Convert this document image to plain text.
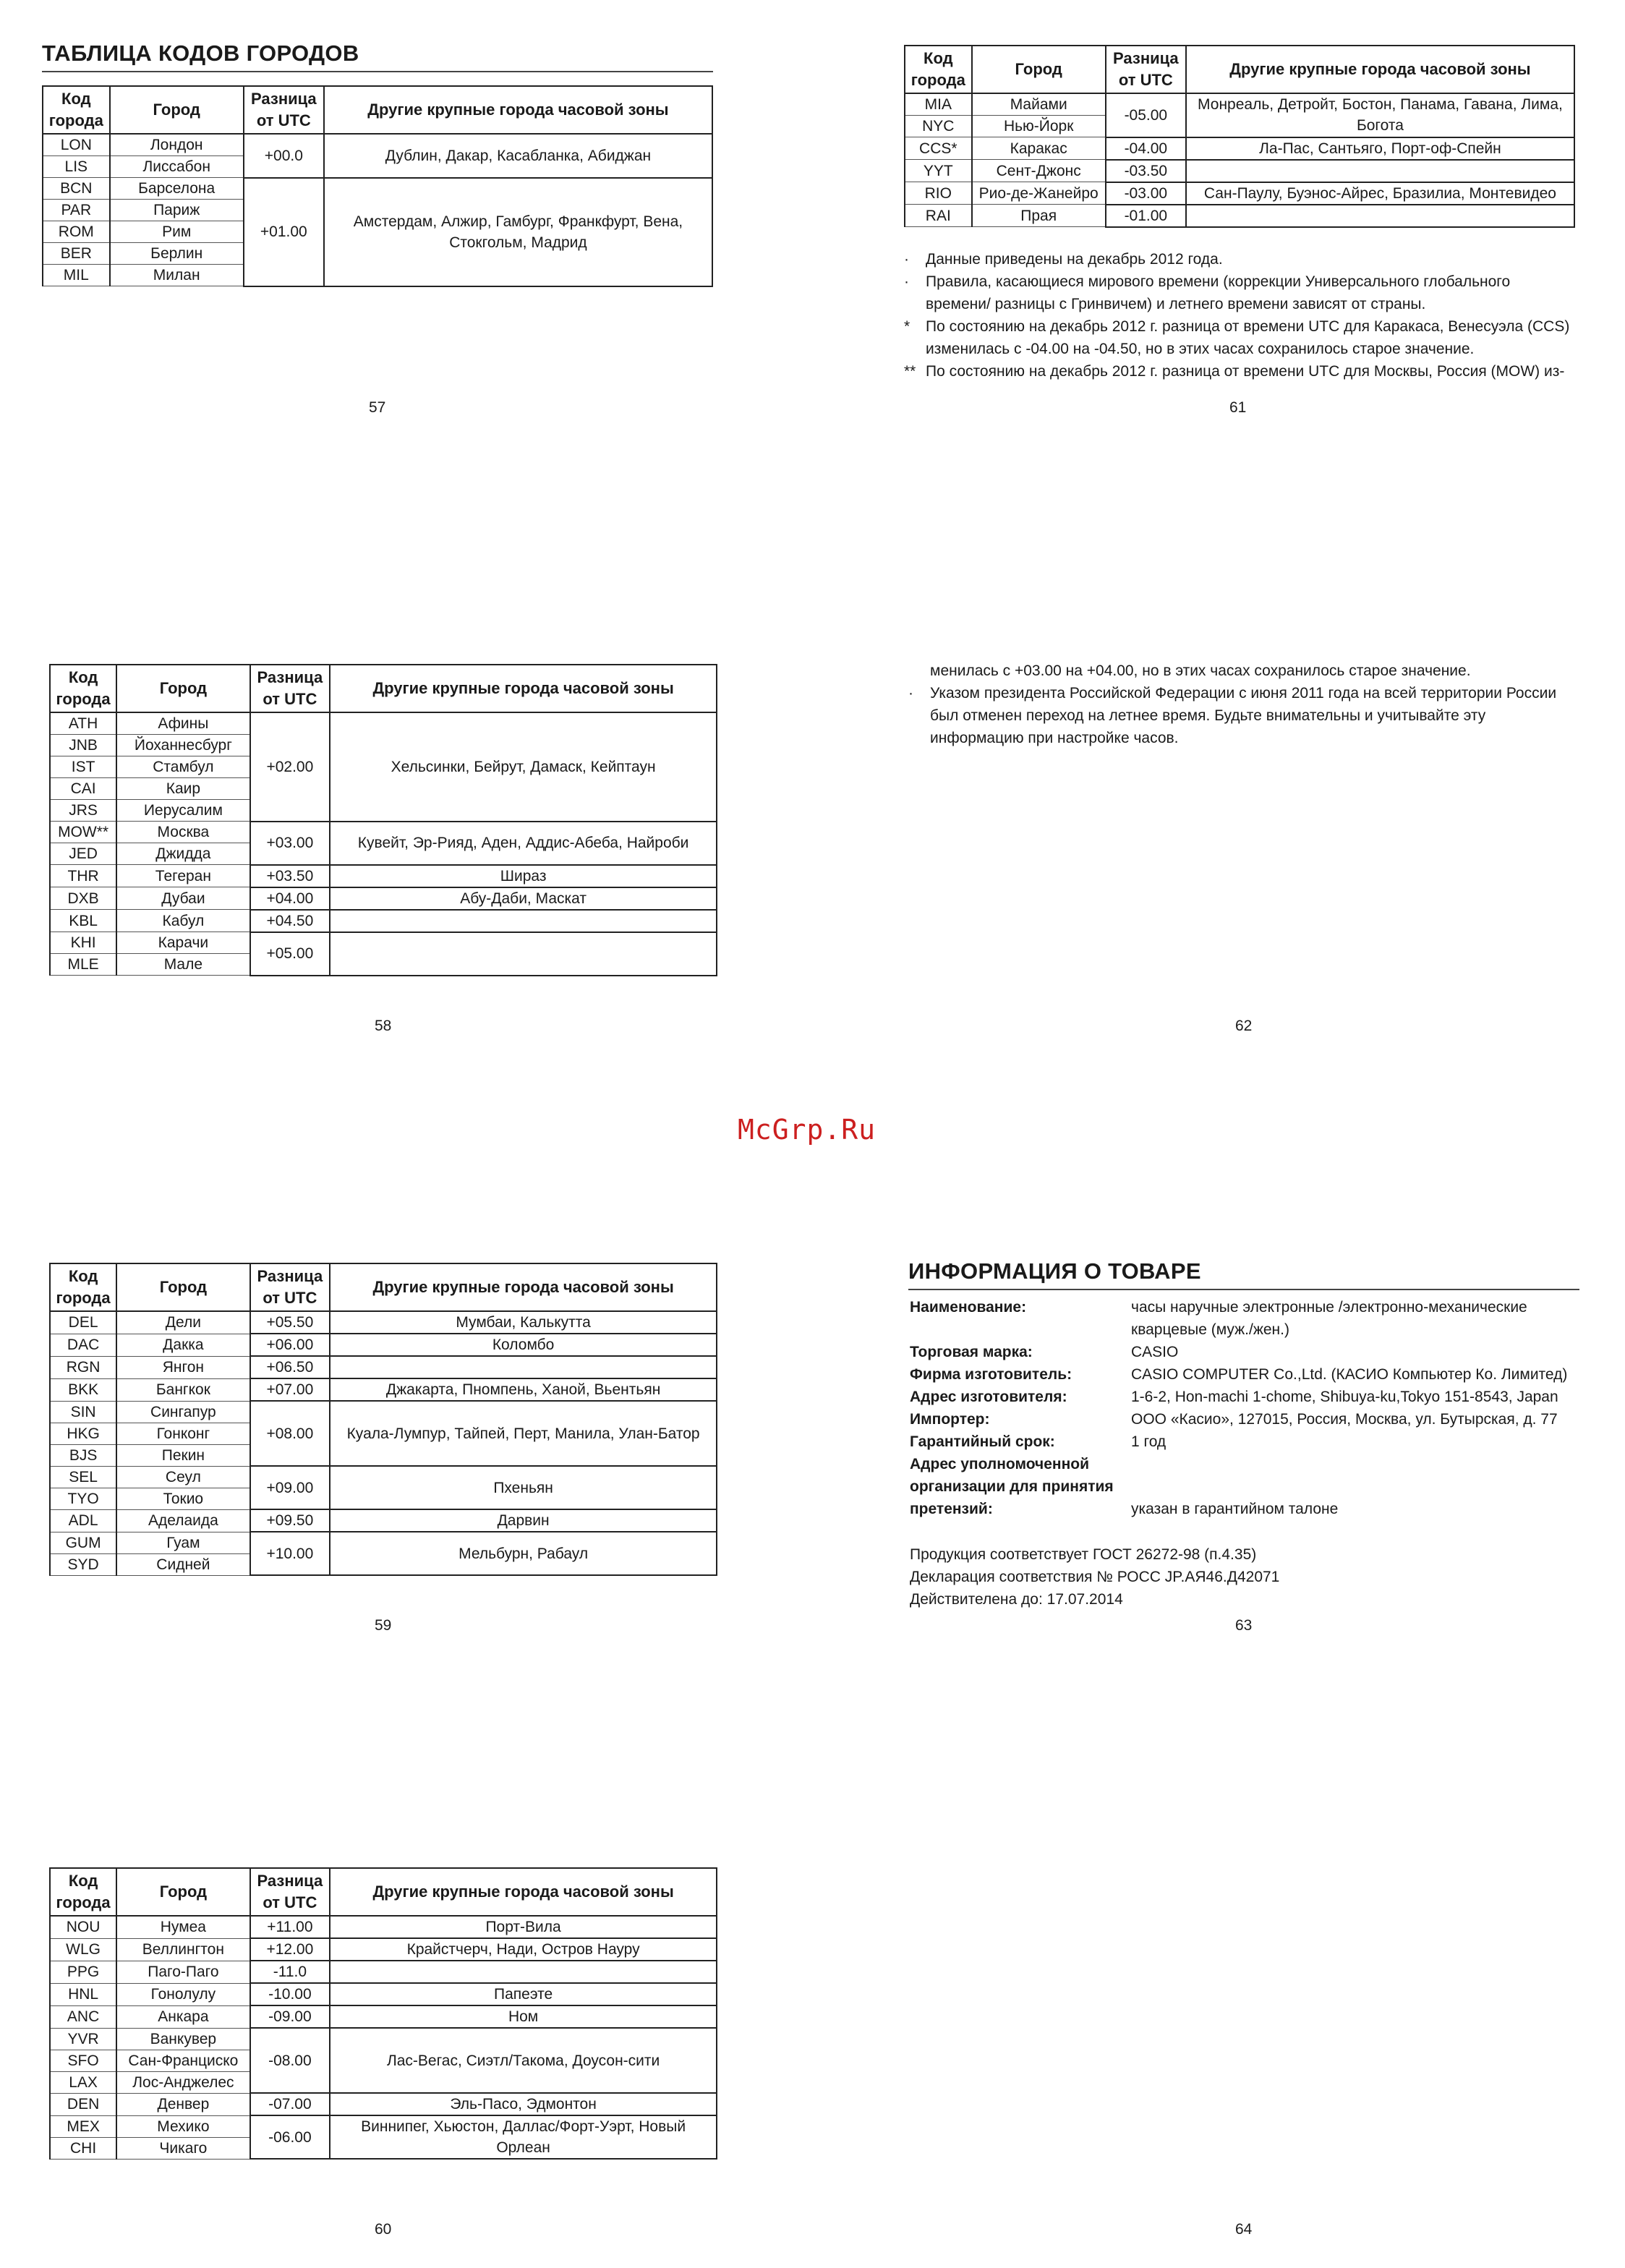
ТАБЛИЦА КОДОВ ГОРОДОВ
Код города	Город	Разница от UTC	Другие крупные города часовой зоны
LON	Лондон	+00.0	Дублин, Дакар, Касабланка, Абиджан
LIS	Лиссабон		
BCN	Барселона	+01.00	Амстердам, Алжир, Гамбург, Франкфурт, Вена, Стокгольм, Мадрид
PAR	Париж		
ROM	Рим		
BER	Берлин		
MIL	Милан		
57
Код города	Город	Разница от UTC	Другие крупные города часовой зоны
MIA	Майами	-05.00	Монреаль, Детройт, Бостон, Панама, Гавана, Лима, Богота
NYC	Нью-Йорк		
CCS*	Каракас	-04.00	Ла-Пас, Сантьяго, Порт-оф-Спейн
YYT	Сент-Джонс	-03.50	
RIO	Рио-де-Жанейро	-03.00	Сан-Паулу, Буэнос-Айрес, Бразилиа, Монтевидео
RAI	Прая	-01.00	
· Данные приведены на декабрь 2012 года.
· Правила, касающиеся мирового времени (коррекции Универсального глобального времени/ разницы с Гринвичем) и летнего времени зависят от страны.
* По состоянию на декабрь 2012 г. разница от времени UTC для Каракаса, Венесуэла (CCS) изменилась с -04.00 на -04.50, но в этих часах сохранилось старое значение.
** По состоянию на декабрь 2012 г. разница от времени UTC для Москвы, Россия (MOW) из-
61
Код города	Город	Разница от UTC	Другие крупные города часовой зоны
ATH	Афины	+02.00	Хельсинки, Бейрут, Дамаск, Кейптаун
JNB	Йоханнесбург		
IST	Стамбул		
CAI	Каир		
JRS	Иерусалим		
MOW**	Москва	+03.00	Кувейт, Эр-Рияд, Аден, Аддис-Абеба, Найроби
JED	Джидда		
THR	Тегеран	+03.50	Шираз
DXB	Дубаи	+04.00	Абу-Даби, Маскат
KBL	Кабул	+04.50	
KHI	Карачи	+05.00	
MLE	Мале		
58
менилась с +03.00 на +04.00, но в этих часах сохранилось старое значение.
· Указом президента Российской Федерации с июня 2011 года на всей территории России был отменен переход на летнее время. Будьте внимательны и учитывайте эту информацию при настройке часов.
62
McGrp.Ru
Код города	Город	Разница от UTC	Другие крупные города часовой зоны
DEL	Дели	+05.50	Мумбаи, Калькутта
DAC	Дакка	+06.00	Коломбо
RGN	Янгон	+06.50	
BKK	Бангкок	+07.00	Джакарта, Пномпень, Ханой, Вьентьян
SIN	Сингапур	+08.00	Куала-Лумпур, Тайпей, Перт, Манила, Улан-Батор
HKG	Гонконг		
BJS	Пекин		
SEL	Сеул	+09.00	Пхеньян
TYO	Токио		
ADL	Аделаида	+09.50	Дарвин
GUM	Гуам	+10.00	Мельбурн, Рабаул
SYD	Сидней		
59
ИНФОРМАЦИЯ О ТОВАРЕ
Наименование:	часы наручные электронные /электронно-механические кварцевые (муж./жен.)
Торговая марка:	CASIO
Фирма изготовитель:	CASIO COMPUTER Co.,Ltd. (КАСИО Компьютер Ко. Лимитед)
Адрес изготовителя:	1-6-2, Hon-machi 1-chome, Shibuya-ku,Tokyo 151-8543, Japan
Импортер:	ООО «Касио», 127015, Россия, Москва, ул. Бутырская, д. 77
Гарантийный срок:	1 год
Адрес уполномоченной организации для принятия претензий:	указан в гарантийном талоне
Продукция соответствует ГОСТ 26272-98 (п.4.35)
Декларация соответствия № РОСС JP.АЯ46.Д42071
Действителена до: 17.07.2014
63
Код города	Город	Разница от UTC	Другие крупные города часовой зоны
NOU	Нумеа	+11.00	Порт-Вила
WLG	Веллингтон	+12.00	Крайстчерч, Нади, Остров Науру
PPG	Паго-Паго	-11.0	
HNL	Гонолулу	-10.00	Папеэте
ANC	Анкара	-09.00	Ном
YVR	Ванкувер	-08.00	Лас-Вегас, Сиэтл/Такома, Доусон-сити
SFO	Сан-Франциско		
LAX	Лос-Анджелес		
DEN	Денвер	-07.00	Эль-Пасо, Эдмонтон
MEX	Мехико	-06.00	Виннипег, Хьюстон, Даллас/Форт-Уэрт, Новый Орлеан
CHI	Чикаго		
60	64
